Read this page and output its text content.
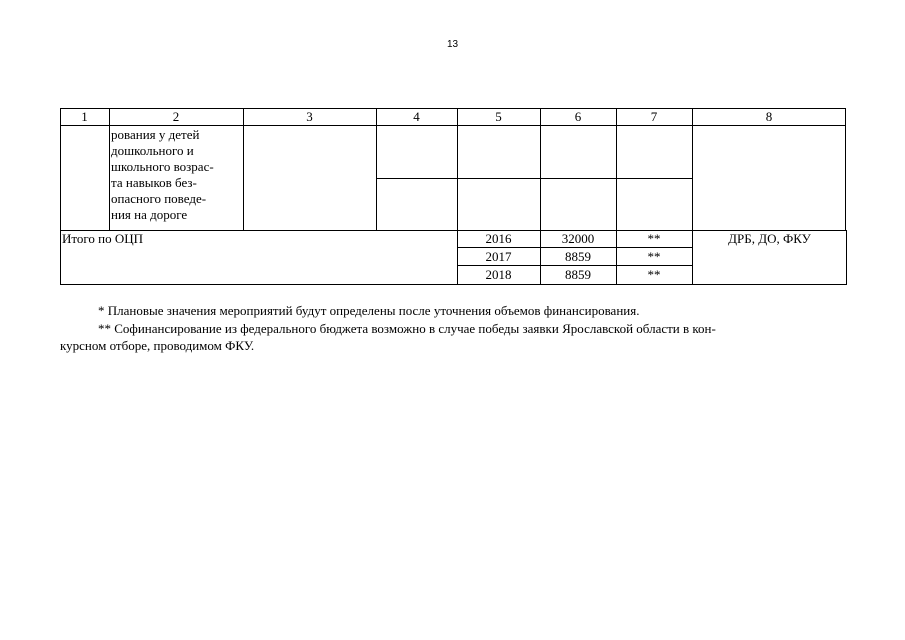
13
1	2	3	4	5	6	7	8
рования у детей
дошкольного и
школьного возрас-
та навыков без-
опасного поведе-
ния на дороге
Итого по ОЦП	2016	32000	**
2017	8859	**
2018	8859	**
ДРБ, ДО, ФКУ
* Плановые значения мероприятий будут определены после уточнения объемов финансирования.
** Софинансирование из федерального бюджета возможно в случае победы заявки Ярославской области в кон-
курсном отборе, проводимом ФКУ.
